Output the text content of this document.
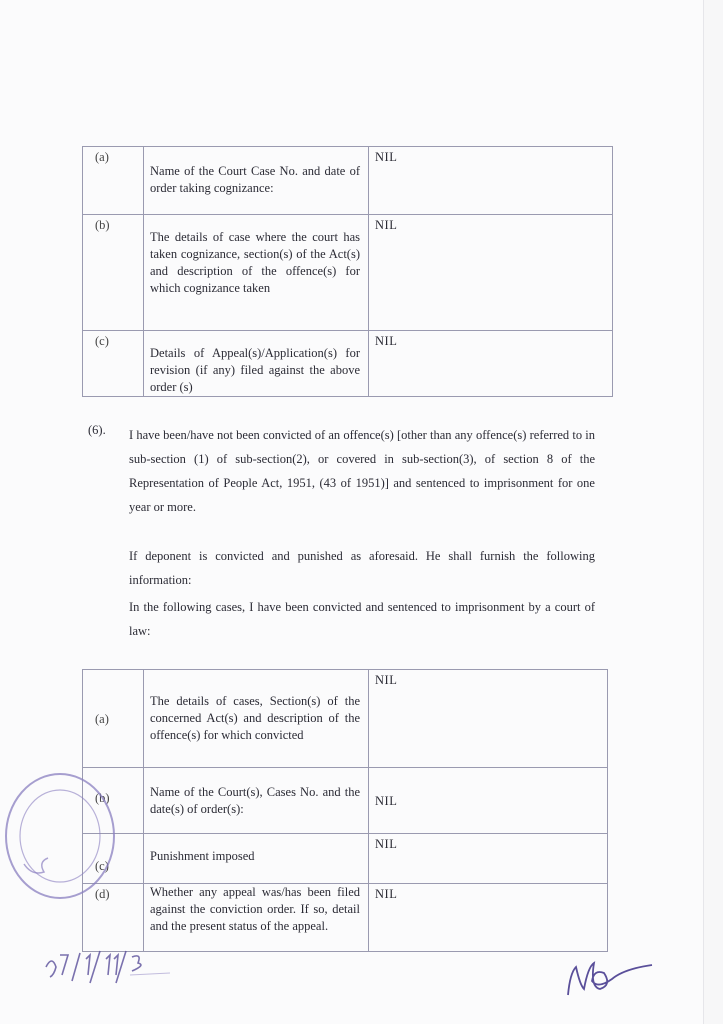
(a)	Name of the Court Case No. and date of order taking cognizance:	NIL
(b)	The details of case where the court has taken cognizance, section(s) of the Act(s) and description of the offence(s) for which cognizance taken	NIL
(c)	Details of Appeal(s)/Application(s) for revision (if any) filed against the above order (s)	NIL
(6). I have been/have not been convicted of an offence(s) [other than any offence(s) referred to in sub-section (1) of sub-section(2), or covered in sub-section(3), of section 8 of the Representation of People Act, 1951, (43 of 1951)] and sentenced to imprisonment for one year or more.
If deponent is convicted and punished as aforesaid. He shall furnish the following information:
In the following cases, I have been convicted and sentenced to imprisonment by a court of law:
(a)	The details of cases, Section(s) of the concerned Act(s) and description of the offence(s) for which convicted	NIL
(b)	Name of the Court(s), Cases No. and the date(s) of order(s):	NIL
(c)	Punishment imposed	NIL
(d)	Whether any appeal was/has been filed against the conviction order. If so, detail and the present status of the appeal.	NIL
